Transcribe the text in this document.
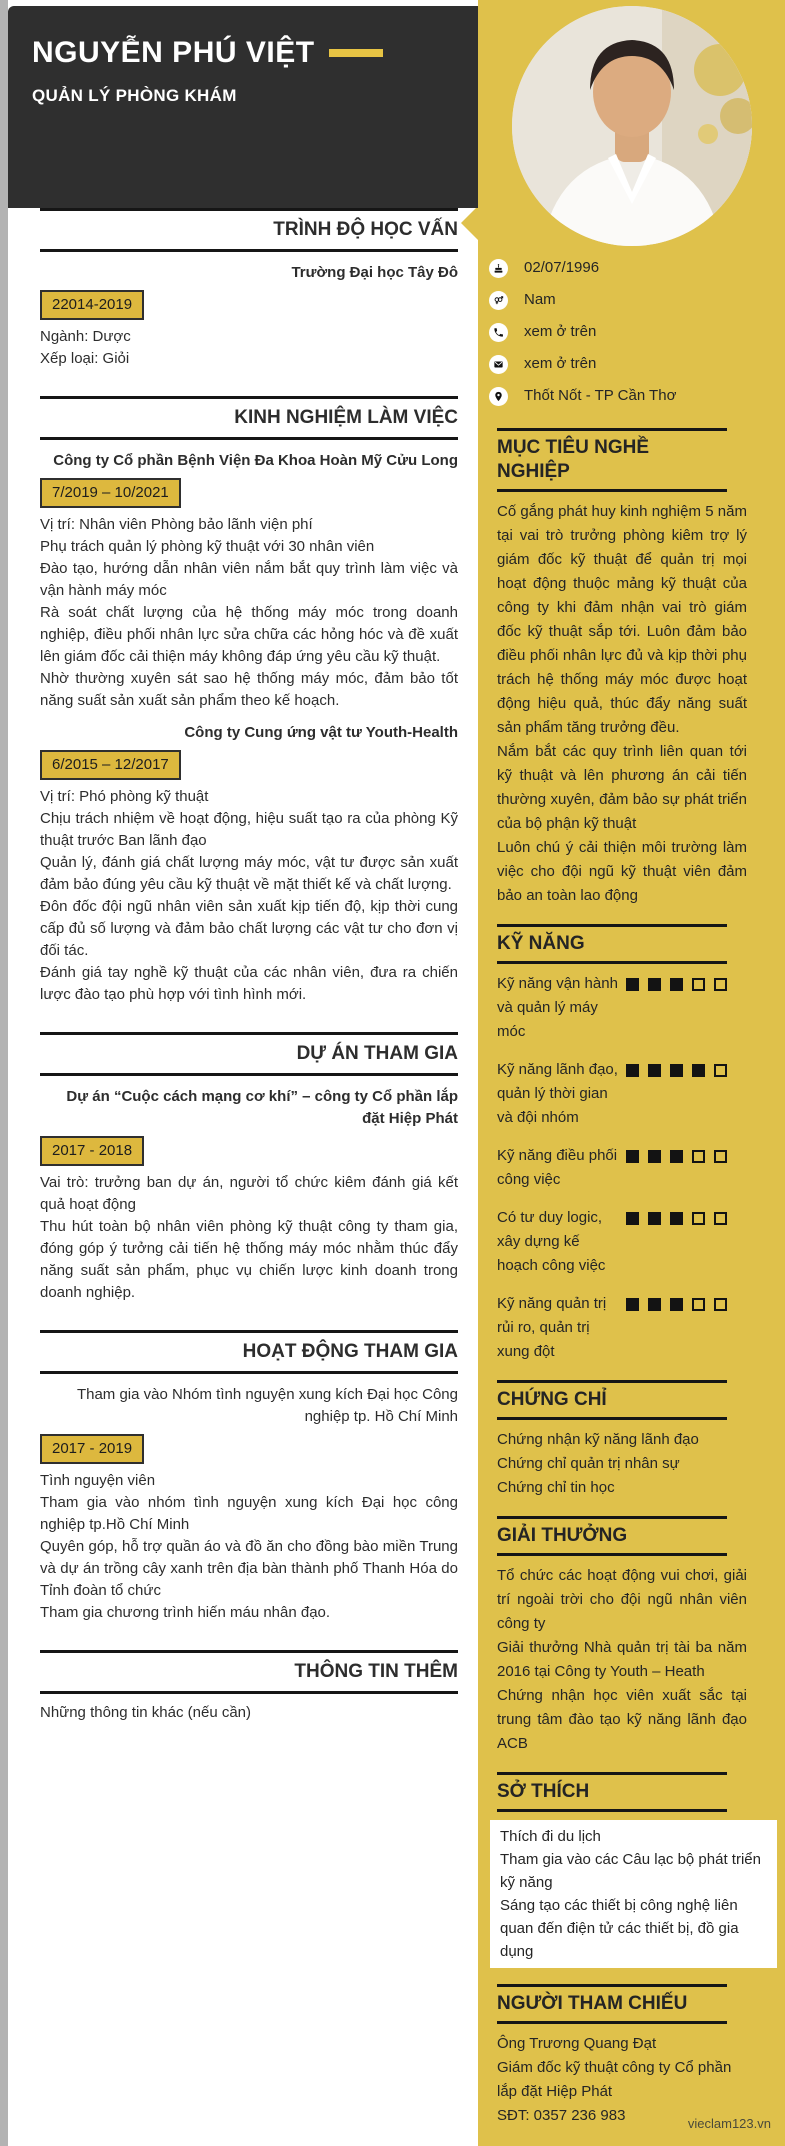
NGUYỄN PHÚ VIỆT
QUẢN LÝ PHÒNG KHÁM
TRÌNH ĐỘ HỌC VẤN
Trường Đại học Tây Đô
22014-2019

Ngành: Dược

Xếp loại: Giỏi

KINH NGHIỆM LÀM VIỆC
Công ty Cổ phần Bệnh Viện Đa Khoa Hoàn Mỹ Cửu Long
7/2019 – 10/2021

Vị trí: Nhân viên Phòng bảo lãnh viện phí

Phụ trách quản lý phòng kỹ thuật với 30 nhân viên

Đào tạo, hướng dẫn nhân viên nắm bắt quy trình làm việc và vận hành máy móc

Rà soát chất lượng của hệ thống máy móc trong doanh nghiệp, điều phối nhân lực sửa chữa các hỏng hóc và đề xuất lên giám đốc cải thiện máy không đáp ứng yêu cầu kỹ thuật.

Nhờ thường xuyên sát sao hệ thống máy móc, đảm bảo tốt năng suất sản xuất sản phẩm theo kế hoạch.

Công ty Cung ứng vật tư Youth-Health
6/2015 – 12/2017

Vị trí: Phó phòng kỹ thuật

Chịu trách nhiệm về hoạt động, hiệu suất tạo ra của phòng Kỹ thuật trước Ban lãnh đạo

Quản lý, đánh giá chất lượng máy móc, vật tư được sản xuất đảm bảo đúng yêu cầu kỹ thuật về mặt thiết kế và chất lượng.

Đôn đốc đội ngũ nhân viên sản xuất kịp tiến độ, kịp thời cung cấp đủ số lượng và đảm bảo chất lượng các vật tư cho đơn vị đối tác.

Đánh giá tay nghề kỹ thuật của các nhân viên, đưa ra chiến lược đào tạo phù hợp với tình hình mới.

DỰ ÁN THAM GIA
Dự án “Cuộc cách mạng cơ khí” – công ty Cổ phần lắp đặt Hiệp Phát
2017 - 2018

Vai trò: trưởng ban dự án, người tổ chức kiêm đánh giá kết quả hoạt động

Thu hút toàn bộ nhân viên phòng kỹ thuật công ty tham gia, đóng góp ý tưởng cải tiến hệ thống máy móc nhằm thúc đẩy năng suất sản phẩm, phục vụ chiến lược kinh doanh trong doanh nghiệp.

HOẠT ĐỘNG THAM GIA
Tham gia vào Nhóm tình nguyện xung kích Đại học Công nghiệp tp. Hồ Chí Minh
2017 - 2019

Tình nguyện viên

Tham gia vào nhóm tình nguyện xung kích Đại học công nghiệp tp.Hồ Chí Minh

Quyên góp, hỗ trợ quần áo và đồ ăn cho đồng bào miền Trung và dự án trồng cây xanh trên địa bàn thành phố Thanh Hóa do Tỉnh đoàn tổ chức

Tham gia chương trình hiến máu nhân đạo.

THÔNG TIN THÊM

Những thông tin khác (nếu cần)

02/07/1996
Nam
xem ở trên
xem ở trên
Thốt Nốt - TP Cần Thơ
MỤC TIÊU NGHỀ NGHIỆP

Cố gắng phát huy kinh nghiệm 5 năm tại vai trò trưởng phòng kiêm trợ lý giám đốc kỹ thuật để quản trị mọi hoạt động thuộc mảng kỹ thuật của công ty khi đảm nhận vai trò giám đốc kỹ thuật sắp tới. Luôn đảm bảo điều phối nhân lực đủ và kịp thời phụ trách hệ thống máy móc được hoạt động hiệu quả, thúc đẩy năng suất sản phẩm tăng trưởng đều.

Nắm bắt các quy trình liên quan tới kỹ thuật và lên phương án cải tiến thường xuyên, đảm bảo sự phát triển của bộ phận kỹ thuật

Luôn chú ý cải thiện môi trường làm việc cho đội ngũ kỹ thuật viên đảm bảo an toàn lao động

KỸ NĂNG
Kỹ năng vận hành và quản lý máy móc
Kỹ năng lãnh đạo, quản lý thời gian và đội nhóm
Kỹ năng điều phối công việc
Có tư duy logic, xây dựng kế hoạch công việc
Kỹ năng quản trị rủi ro, quản trị xung đột
CHỨNG CHỈ

Chứng nhận kỹ năng lãnh đạo

Chứng chỉ quản trị nhân sự

Chứng chỉ tin học

GIẢI THƯỞNG

Tổ chức các hoạt động vui chơi, giải trí ngoài trời cho đội ngũ nhân viên công ty

Giải thưởng Nhà quản trị tài ba năm 2016 tại Công ty Youth – Heath

Chứng nhận học viên xuất sắc tại trung tâm đào tạo kỹ năng lãnh đạo ACB

SỞ THÍCH

Thích đi du lịch

Tham gia vào các Câu lạc bộ phát triển kỹ năng

Sáng tạo các thiết bị công nghệ liên quan đến điện tử các thiết bị, đồ gia dụng

NGƯỜI THAM CHIẾU

Ông Trương Quang Đạt

Giám đốc kỹ thuật công ty Cổ phần lắp đặt Hiệp Phát

SĐT: 0357 236 983	vieclam123.vn
